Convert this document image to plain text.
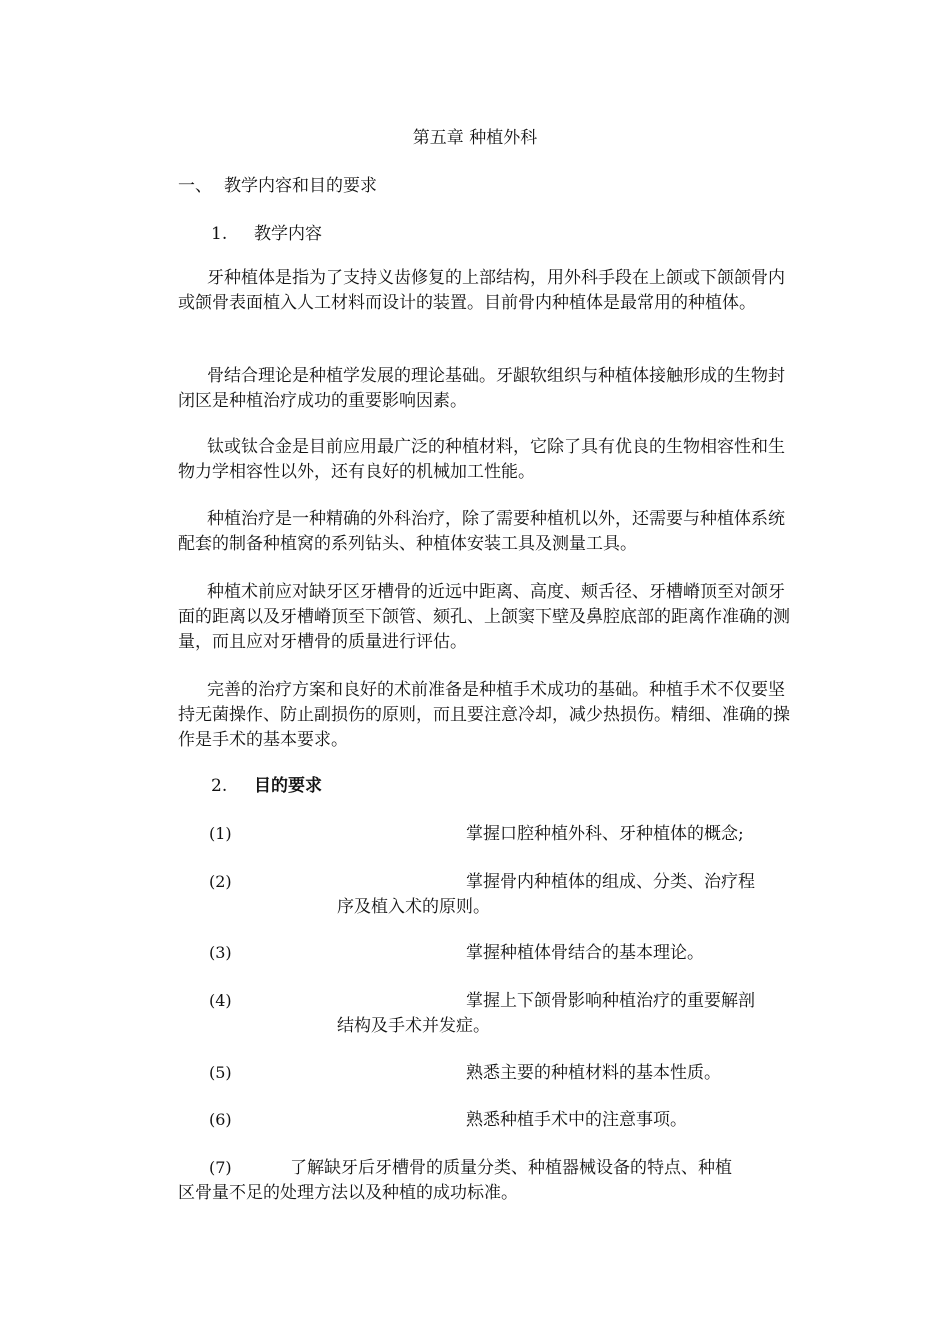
第五章 种植外科
一、 教学内容和目的要求
1. 教学内容

牙种植体是指为了支持义齿修复的上部结构，用外科手段在上颌或下颌颌骨内或颌骨表面植入人工材料而设计的装置。目前骨内种植体是最常用的种植体。

骨结合理论是种植学发展的理论基础。牙龈软组织与种植体接触形成的生物封闭区是种植治疗成功的重要影响因素。

钛或钛合金是目前应用最广泛的种植材料，它除了具有优良的生物相容性和生物力学相容性以外，还有良好的机械加工性能。

种植治疗是一种精确的外科治疗，除了需要种植机以外，还需要与种植体系统配套的制备种植窝的系列钻头、种植体安装工具及测量工具。

种植术前应对缺牙区牙槽骨的近远中距离、高度、颊舌径、牙槽嵴顶至对颌牙 面的距离以及牙槽嵴顶至下颌管、颏孔、上颌窦下壁及鼻腔底部的距离作准确的测量，而且应对牙槽骨的质量进行评估。

完善的治疗方案和良好的术前准备是种植手术成功的基础。种植手术不仅要坚持无菌操作、防止副损伤的原则，而且要注意冷却，减少热损伤。精细、准确的操作是手术的基本要求。

2. 目的要求
(1)	掌握口腔种植外科、牙种植体的概念;
(2)	掌握骨内种植体的组成、分类、治疗程
序及植入术的原则。
(3)	掌握种植体骨结合的基本理论。
(4)	掌握上下颌骨影响种植治疗的重要解剖
结构及手术并发症。
(5)	熟悉主要的种植材料的基本性质。
(6)	熟悉种植手术中的注意事项。
(7)	了解缺牙后牙槽骨的质量分类、种植器械设备的特点、种植
区骨量不足的处理方法以及种植的成功标准。
